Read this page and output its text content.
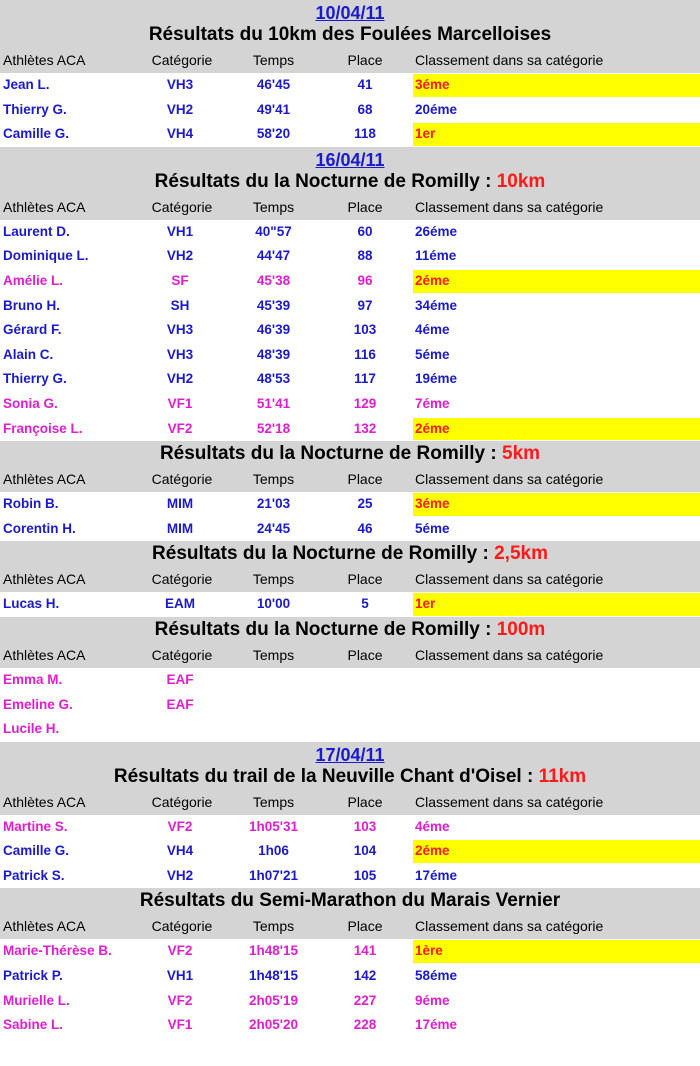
10/04/11
Résultats du 10km des Foulées Marcelloises
Athlètes ACA	Catégorie	Temps	Place	Classement dans sa catégorie
Jean L.	VH3	46'45	41	3éme
Thierry G.	VH2	49'41	68	20éme
Camille G.	VH4	58'20	118	1er
16/04/11
Résultats du la Nocturne de Romilly : 10km
Athlètes ACA	Catégorie	Temps	Place	Classement dans sa catégorie
Laurent D.	VH1	40"57	60	26éme
Dominique L.	VH2	44'47	88	11éme
Amélie L.	SF	45'38	96	2éme
Bruno H.	SH	45'39	97	34éme
Gérard F.	VH3	46'39	103	4éme
Alain C.	VH3	48'39	116	5éme
Thierry G.	VH2	48'53	117	19éme
Sonia G.	VF1	51'41	129	7éme
Françoise L.	VF2	52'18	132	2éme
Résultats du la Nocturne de Romilly : 5km
Athlètes ACA	Catégorie	Temps	Place	Classement dans sa catégorie
Robin B.	MIM	21'03	25	3éme
Corentin H.	MIM	24'45	46	5éme
Résultats du la Nocturne de Romilly : 2,5km
Athlètes ACA	Catégorie	Temps	Place	Classement dans sa catégorie
Lucas H.	EAM	10'00	5	1er
Résultats du la Nocturne de Romilly : 100m
Athlètes ACA	Catégorie	Temps	Place	Classement dans sa catégorie
Emma M.	EAF
Emeline G.	EAF
Lucile H.
17/04/11
Résultats du trail de la Neuville Chant d'Oisel : 11km
Athlètes ACA	Catégorie	Temps	Place	Classement dans sa catégorie
Martine S.	VF2	1h05'31	103	4éme
Camille G.	VH4	1h06	104	2éme
Patrick S.	VH2	1h07'21	105	17éme
Résultats du Semi-Marathon du Marais Vernier
Athlètes ACA	Catégorie	Temps	Place	Classement dans sa catégorie
Marie-Thérèse B.	VF2	1h48'15	141	1ère
Patrick P.	VH1	1h48'15	142	58éme
Murielle L.	VF2	2h05'19	227	9éme
Sabine L.	VF1	2h05'20	228	17éme
